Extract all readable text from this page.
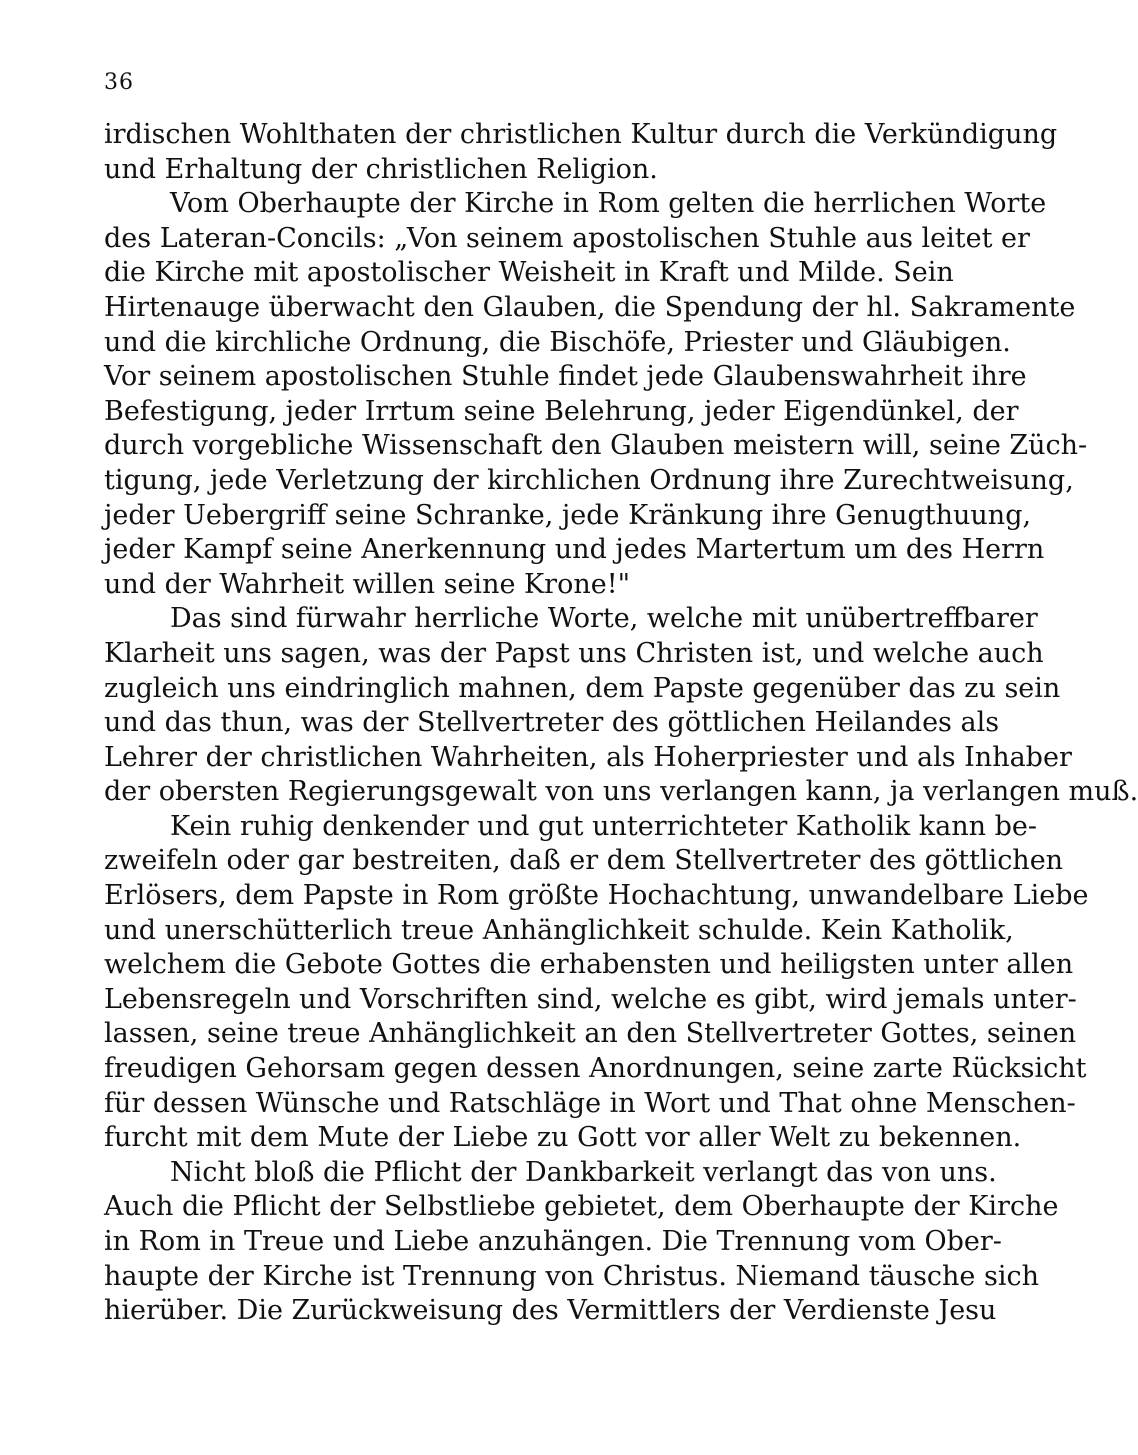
36
irdischen Wohlthaten der christlichen Kultur durch die Verkündigung
und Erhaltung der christlichen Religion.
Vom Oberhaupte der Kirche in Rom gelten die herrlichen Worte
des Lateran-Concils: „Von seinem apostolischen Stuhle aus leitet er
die Kirche mit apostolischer Weisheit in Kraft und Milde. Sein
Hirtenauge überwacht den Glauben, die Spendung der hl. Sakramente
und die kirchliche Ordnung, die Bischöfe, Priester und Gläubigen.
Vor seinem apostolischen Stuhle findet jede Glaubenswahrheit ihre
Befestigung, jeder Irrtum seine Belehrung, jeder Eigendünkel, der
durch vorgebliche Wissenschaft den Glauben meistern will, seine Züch-
tigung, jede Verletzung der kirchlichen Ordnung ihre Zurechtweisung,
jeder Uebergriff seine Schranke, jede Kränkung ihre Genugthuung,
jeder Kampf seine Anerkennung und jedes Martertum um des Herrn
und der Wahrheit willen seine Krone!"
Das sind fürwahr herrliche Worte, welche mit unübertreffbarer
Klarheit uns sagen, was der Papst uns Christen ist, und welche auch
zugleich uns eindringlich mahnen, dem Papste gegenüber das zu sein
und das thun, was der Stellvertreter des göttlichen Heilandes als
Lehrer der christlichen Wahrheiten, als Hoherpriester und als Inhaber
der obersten Regierungsgewalt von uns verlangen kann, ja verlangen muß.
Kein ruhig denkender und gut unterrichteter Katholik kann be-
zweifeln oder gar bestreiten, daß er dem Stellvertreter des göttlichen
Erlösers, dem Papste in Rom größte Hochachtung, unwandelbare Liebe
und unerschütterlich treue Anhänglichkeit schulde. Kein Katholik,
welchem die Gebote Gottes die erhabensten und heiligsten unter allen
Lebensregeln und Vorschriften sind, welche es gibt, wird jemals unter-
lassen, seine treue Anhänglichkeit an den Stellvertreter Gottes, seinen
freudigen Gehorsam gegen dessen Anordnungen, seine zarte Rücksicht
für dessen Wünsche und Ratschläge in Wort und That ohne Menschen-
furcht mit dem Mute der Liebe zu Gott vor aller Welt zu bekennen.
Nicht bloß die Pflicht der Dankbarkeit verlangt das von uns.
Auch die Pflicht der Selbstliebe gebietet, dem Oberhaupte der Kirche
in Rom in Treue und Liebe anzuhängen. Die Trennung vom Ober-
haupte der Kirche ist Trennung von Christus. Niemand täusche sich
hierüber. Die Zurückweisung des Vermittlers der Verdienste Jesu
